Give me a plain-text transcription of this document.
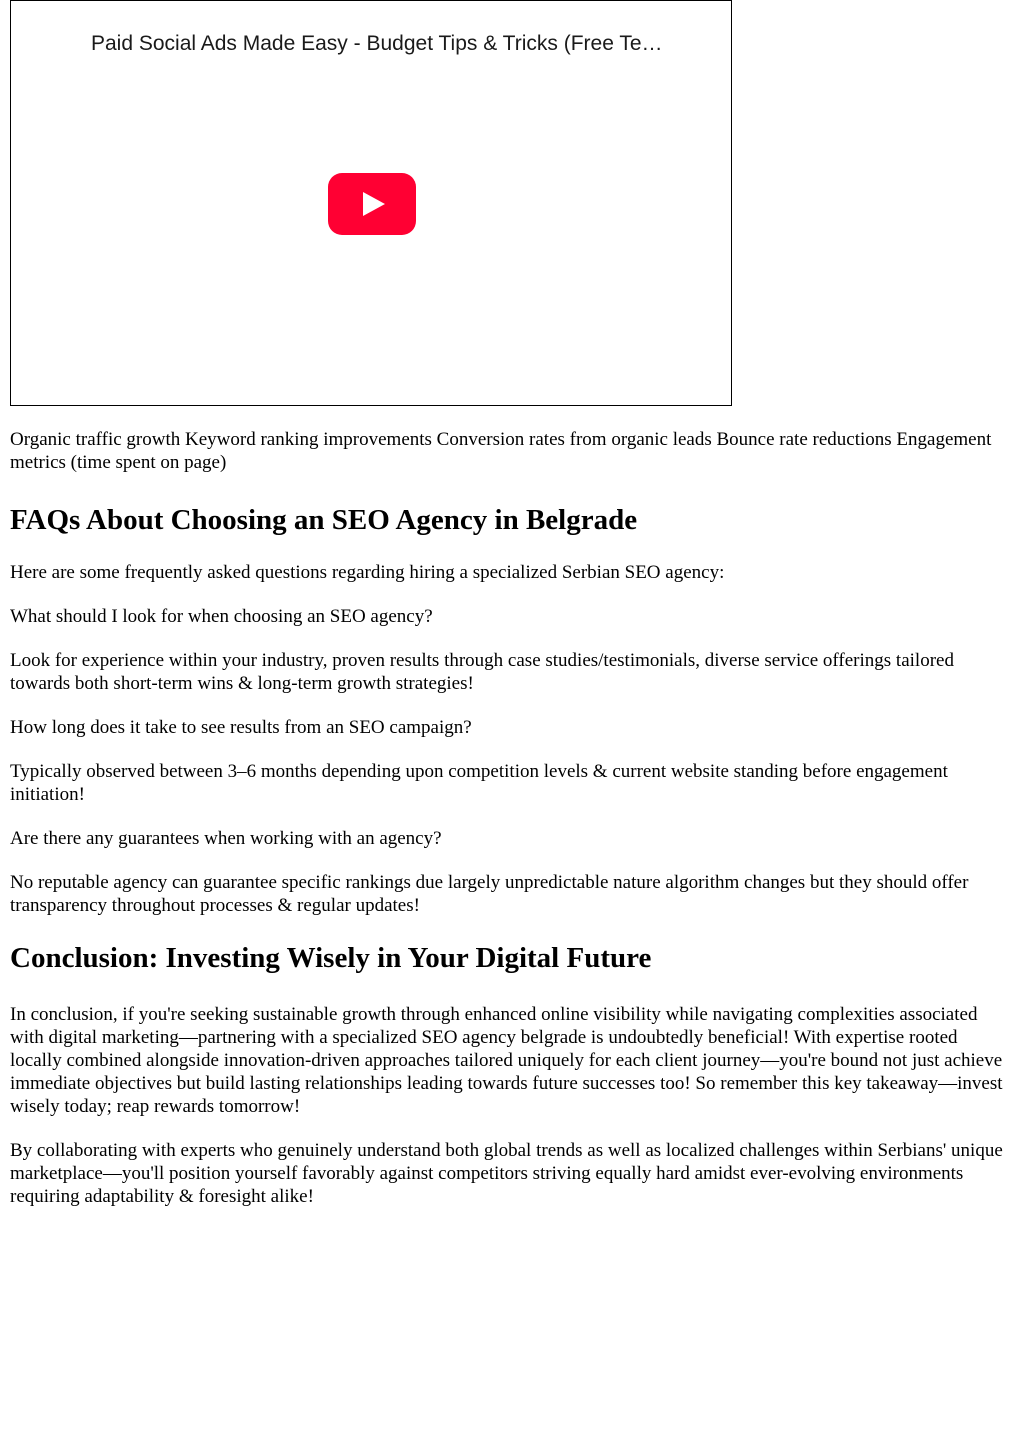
Paid Social Ads Made Easy - Budget Tips & Tricks (Free Te…

Organic traffic growth Keyword ranking improvements Conversion rates from organic leads Bounce rate reductions Engagement metrics (time spent on page)

FAQs About Choosing an SEO Agency in Belgrade

Here are some frequently asked questions regarding hiring a specialized Serbian SEO agency:

What should I look for when choosing an SEO agency?

Look for experience within your industry, proven results through case studies/testimonials, diverse service offerings tailored towards both short-term wins & long-term growth strategies!

How long does it take to see results from an SEO campaign?

Typically observed between 3–6 months depending upon competition levels & current website standing before engagement initiation!

Are there any guarantees when working with an agency?

No reputable agency can guarantee specific rankings due largely unpredictable nature algorithm changes but they should offer transparency throughout processes & regular updates!

Conclusion: Investing Wisely in Your Digital Future

In conclusion, if you're seeking sustainable growth through enhanced online visibility while navigating complexities associated with digital marketing—partnering with a specialized SEO agency belgrade is undoubtedly beneficial! With expertise rooted locally combined alongside innovation-driven approaches tailored uniquely for each client journey—you're bound not just achieve immediate objectives but build lasting relationships leading towards future successes too! So remember this key takeaway—invest wisely today; reap rewards tomorrow!

By collaborating with experts who genuinely understand both global trends as well as localized challenges within Serbians' unique marketplace—you'll position yourself favorably against competitors striving equally hard amidst ever-evolving environments requiring adaptability & foresight alike!
